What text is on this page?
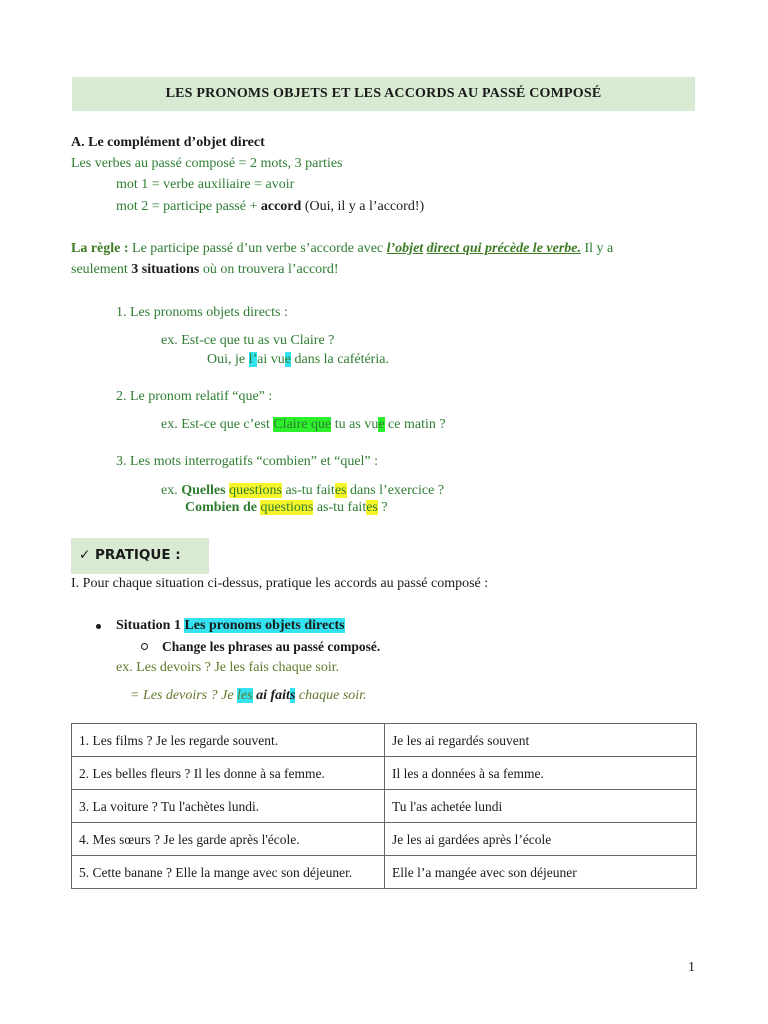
LES PRONOMS OBJETS ET LES ACCORDS AU PASSÉ COMPOSÉ
A. Le complément d’objet direct
Les verbes au passé composé = 2 mots, 3 parties
mot 1 = verbe auxiliaire = avoir
mot 2 = participe passé + accord (Oui, il y a l’accord!)
La règle : Le participe passé d’un verbe s’accorde avec l’objet direct qui précède le verbe. Il y a
seulement 3 situations où on trouvera l’accord!
1. Les pronoms objets directs :
ex. Est-ce que tu as vu Claire ?
Oui, je l’ai vue dans la cafétéria.
2. Le pronom relatif “que” :
ex. Est-ce que c’est Claire que tu as vue ce matin ?
3. Les mots interrogatifs “combien” et “quel” :
ex. Quelles questions as-tu faites dans l’exercice ?
Combien de questions as-tu faites ?
✓ PRATIQUE :
I. Pour chaque situation ci-dessus, pratique les accords au passé composé :
Situation 1 Les pronoms objets directs
Change les phrases au passé composé.
ex. Les devoirs ? Je les fais chaque soir.
= Les devoirs ? Je les ai faits chaque soir.
1. Les films ? Je les regarde souvent.	Je les ai regardés souvent
2. Les belles fleurs ? Il les donne à sa femme.	Il les a données à sa femme.
3. La voiture ? Tu l'achètes lundi.	Tu l'as achetée lundi
4. Mes sœurs ? Je les garde après l'école.	Je les ai gardées après l’école
5. Cette banane ? Elle la mange avec son déjeuner.	Elle l’a mangée avec son déjeuner
1
